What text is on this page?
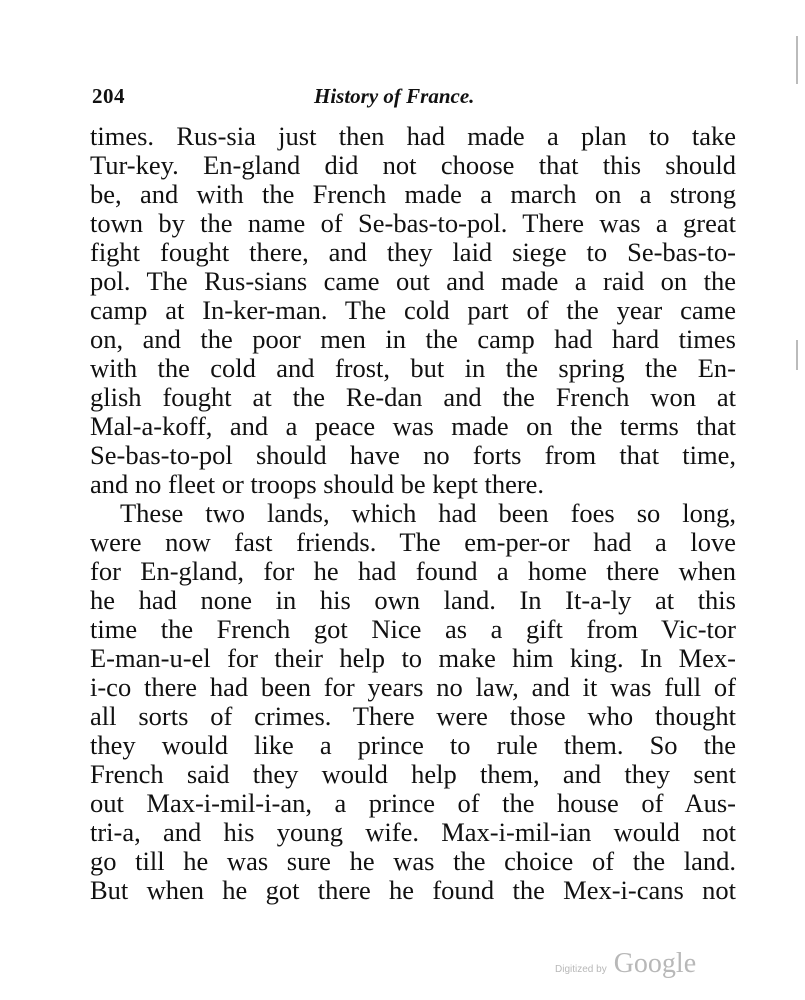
204	History of France.
times. Rus-sia just then had made a plan to take
Tur-key. En-gland did not choose that this should
be, and with the French made a march on a strong
town by the name of Se-bas-to-pol. There was a great
fight fought there, and they laid siege to Se-bas-to-
pol. The Rus-sians came out and made a raid on the
camp at In-ker-man. The cold part of the year came
on, and the poor men in the camp had hard times
with the cold and frost, but in the spring the En-
glish fought at the Re-dan and the French won at
Mal-a-koff, and a peace was made on the terms that
Se-bas-to-pol should have no forts from that time,
and no fleet or troops should be kept there.
These two lands, which had been foes so long,
were now fast friends. The em-per-or had a love
for En-gland, for he had found a home there when
he had none in his own land. In It-a-ly at this
time the French got Nice as a gift from Vic-tor
E-man-u-el for their help to make him king. In Mex-
i-co there had been for years no law, and it was full of
all sorts of crimes. There were those who thought
they would like a prince to rule them. So the
French said they would help them, and they sent
out Max-i-mil-i-an, a prince of the house of Aus-
tri-a, and his young wife. Max-i-mil-ian would not
go till he was sure he was the choice of the land.
But when he got there he found the Mex-i-cans not
Digitized by Google
